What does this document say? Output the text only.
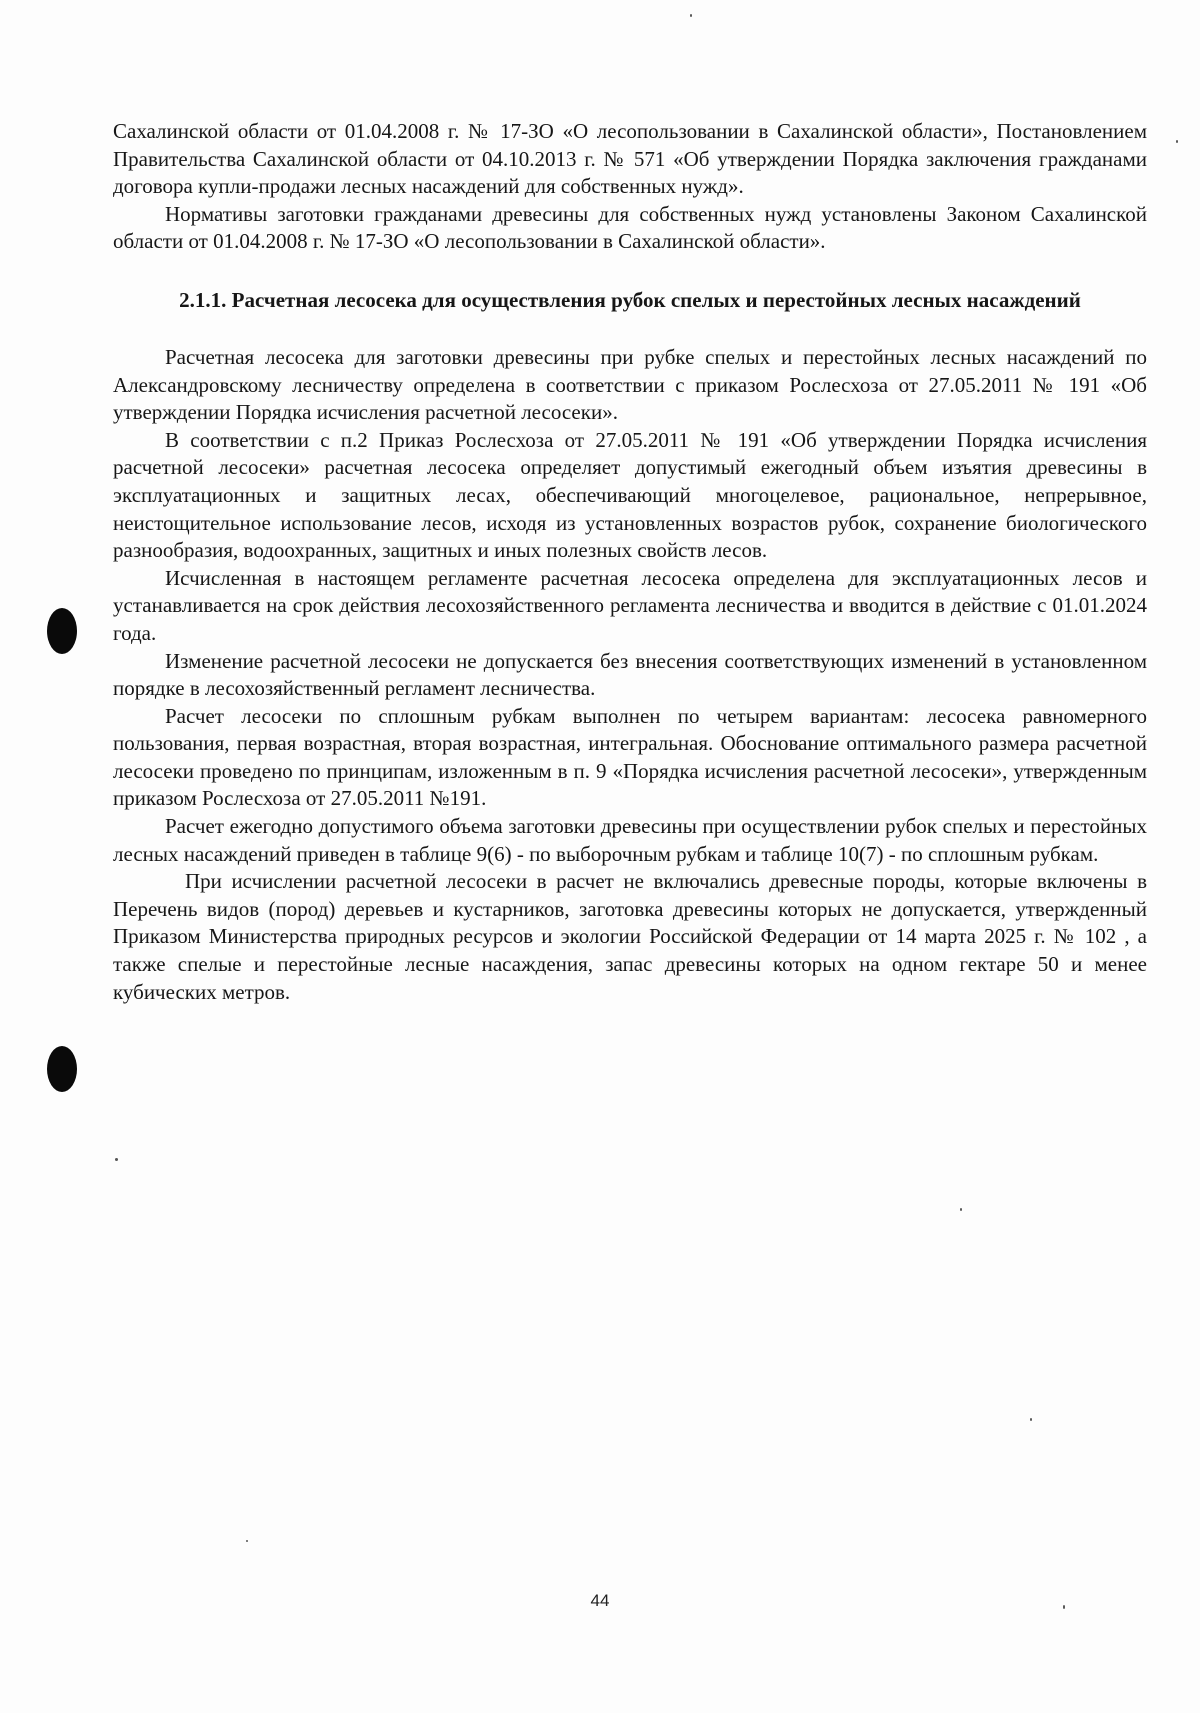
Сахалинской области от 01.04.2008 г. № 17-ЗО «О лесопользовании в Сахалинской области», Постановлением Правительства Сахалинской области от 04.10.2013 г. № 571 «Об утверждении Порядка заключения гражданами договора купли-продажи лесных насаждений для собственных нужд».

Нормативы заготовки гражданами древесины для собственных нужд установлены Законом Сахалинской области от 01.04.2008 г. № 17-ЗО «О лесопользовании в Сахалинской области».

2.1.1. Расчетная лесосека для осуществления рубок спелых и перестойных лесных насаждений

Расчетная лесосека для заготовки древесины при рубке спелых и перестойных лесных насаждений по Александровскому лесничеству определена в соответствии с приказом Рослесхоза от 27.05.2011 № 191 «Об утверждении Порядка исчисления расчетной лесосеки».

В соответствии с п.2 Приказ Рослесхоза от 27.05.2011 № 191 «Об утверждении Порядка исчисления расчетной лесосеки» расчетная лесосека определяет допустимый ежегодный объем изъятия древесины в эксплуатационных и защитных лесах, обеспечивающий многоцелевое, рациональное, непрерывное, неистощительное использование лесов, исходя из установленных возрастов рубок, сохранение биологического разнообразия, водоохранных, защитных и иных полезных свойств лесов.

Исчисленная в настоящем регламенте расчетная лесосека определена для эксплуатационных лесов и устанавливается на срок действия лесохозяйственного регламента лесничества и вводится в действие с 01.01.2024 года.

Изменение расчетной лесосеки не допускается без внесения соответствующих изменений в установленном порядке в лесохозяйственный регламент лесничества.

Расчет лесосеки по сплошным рубкам выполнен по четырем вариантам: лесосека равномерного пользования, первая возрастная, вторая возрастная, интегральная. Обоснование оптимального размера расчетной лесосеки проведено по принципам, изложенным в п. 9 «Порядка исчисления расчетной лесосеки», утвержденным приказом Рослесхоза от 27.05.2011 №191.

Расчет ежегодно допустимого объема заготовки древесины при осуществлении рубок спелых и перестойных лесных насаждений приведен в таблице 9(6) - по выборочным рубкам и таблице 10(7) - по сплошным рубкам.

При исчислении расчетной лесосеки в расчет не включались древесные породы, которые включены в Перечень видов (пород) деревьев и кустарников, заготовка древесины которых не допускается, утвержденный Приказом Министерства природных ресурсов и экологии Российской Федерации от 14 марта 2025 г. № 102 , а также спелые и перестойные лесные насаждения, запас древесины которых на одном гектаре 50 и менее кубических метров.

44
